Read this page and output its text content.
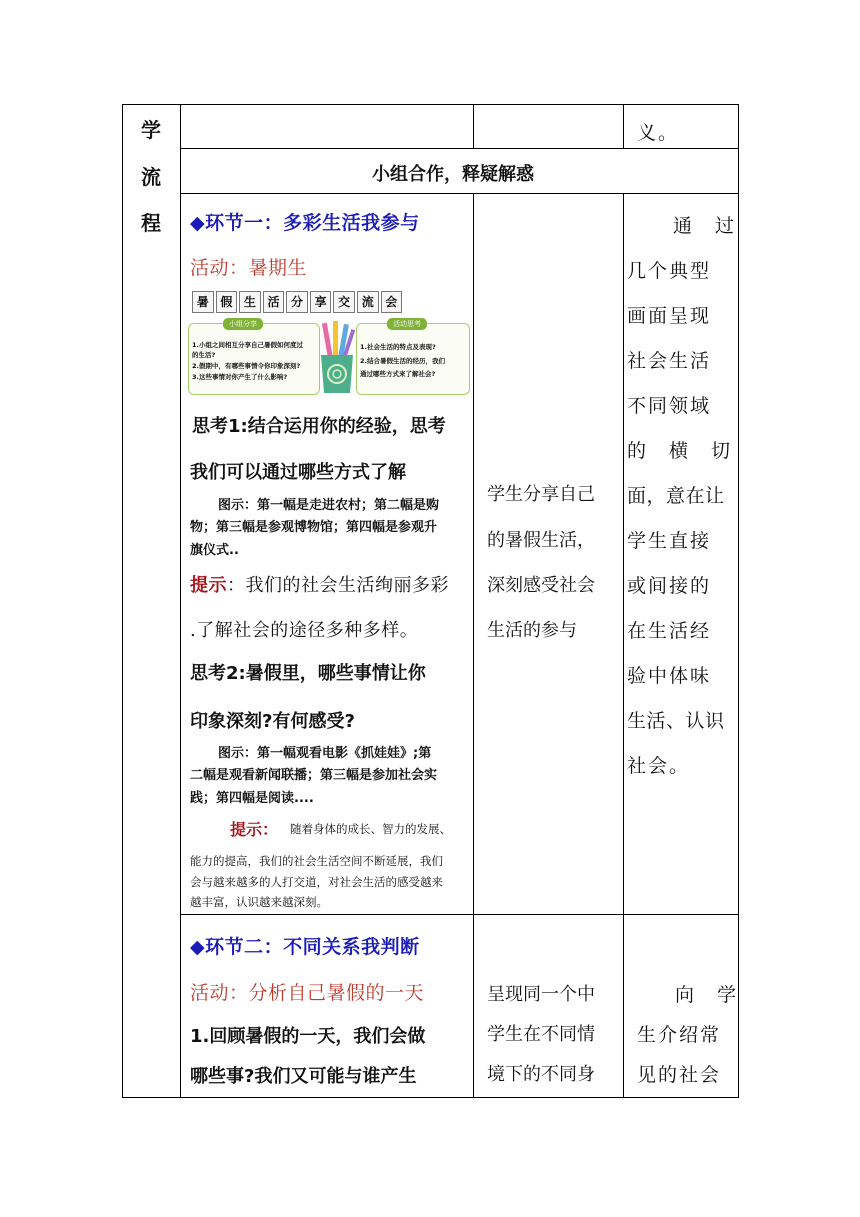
学
流
程
义。
小组合作，释疑解惑
◆环节一：多彩生活我参与
活动：暑期生
暑 假 生 活 分 享 交 流 会
小组分享
1.小组之间相互分享自己暑假如何度过
的生活?
2.假期中，有哪些事情令你印象深刻?
3.这些事情对你产生了什么影响?
活动思考
1.社会生活的特点及表现?
2.结合暑假生活的经历，我们
通过哪些方式来了解社会?
思考1:结合运用你的经验，思考
我们可以通过哪些方式了解
图示：第一幅是走进农村；第二幅是购
物；第三幅是参观博物馆；第四幅是参观升
旗仪式..
提示：我们的社会生活绚丽多彩
.了解社会的途径多种多样。
思考2:暑假里，哪些事情让你
印象深刻?有何感受?
图示：第一幅观看电影《抓娃娃》;第
二幅是观看新闻联播；第三幅是参加社会实
践；第四幅是阅读....
提示： 随着身体的成长、智力的发展、
能力的提高，我们的社会生活空间不断延展，我们
会与越来越多的人打交道，对社会生活的感受越来
越丰富，认识越来越深刻。
学生分享自己
的暑假生活，
深刻感受社会
生活的参与
通　过
几个典型
画面呈现
社会生活
不同领域
的　横　切
面，意在让
学生直接
或间接的
在生活经
验中体味
生活、认识
社会。
◆环节二：不同关系我判断
活动：分析自己暑假的一天
1.回顾暑假的一天，我们会做
哪些事?我们又可能与谁产生
呈现同一个中
学生在不同情
境下的不同身
向　学
生介绍常
见的社会
